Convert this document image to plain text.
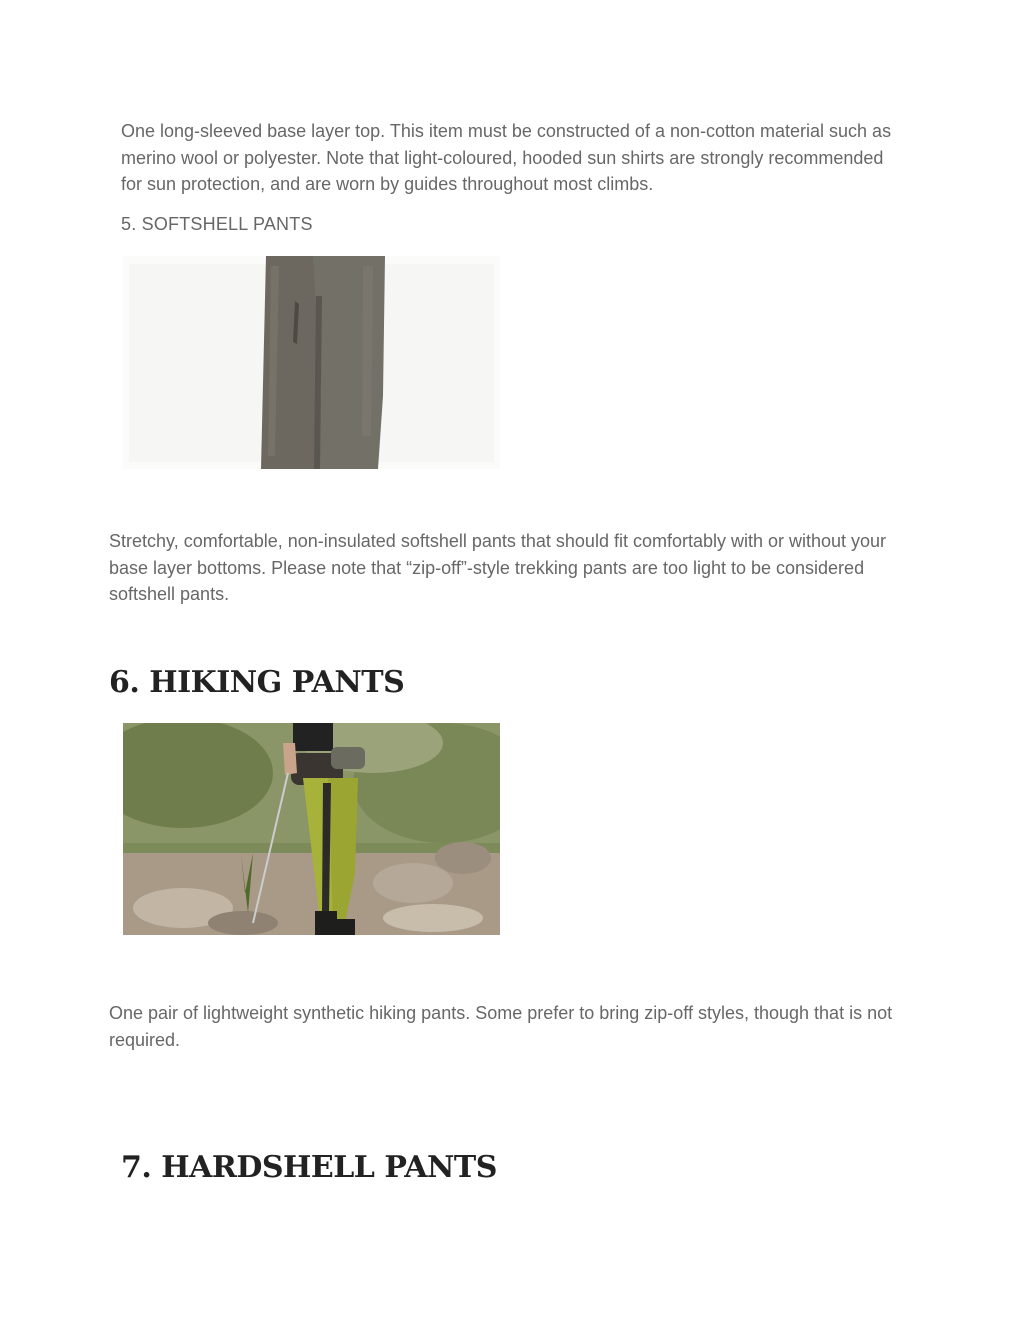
One long-sleeved base layer top. This item must be constructed of a non-cotton material such as merino wool or polyester. Note that light-coloured, hooded sun shirts are strongly recommended for sun protection, and are worn by guides throughout most climbs.

5. SOFTSHELL PANTS

Stretchy, comfortable, non-insulated softshell pants that should fit comfortably with or without your base layer bottoms. Please note that “zip-off”-style trekking pants are too light to be considered softshell pants.

6. HIKING PANTS

One pair of lightweight synthetic hiking pants. Some prefer to bring zip-off styles, though that is not required.

7. HARDSHELL PANTS
